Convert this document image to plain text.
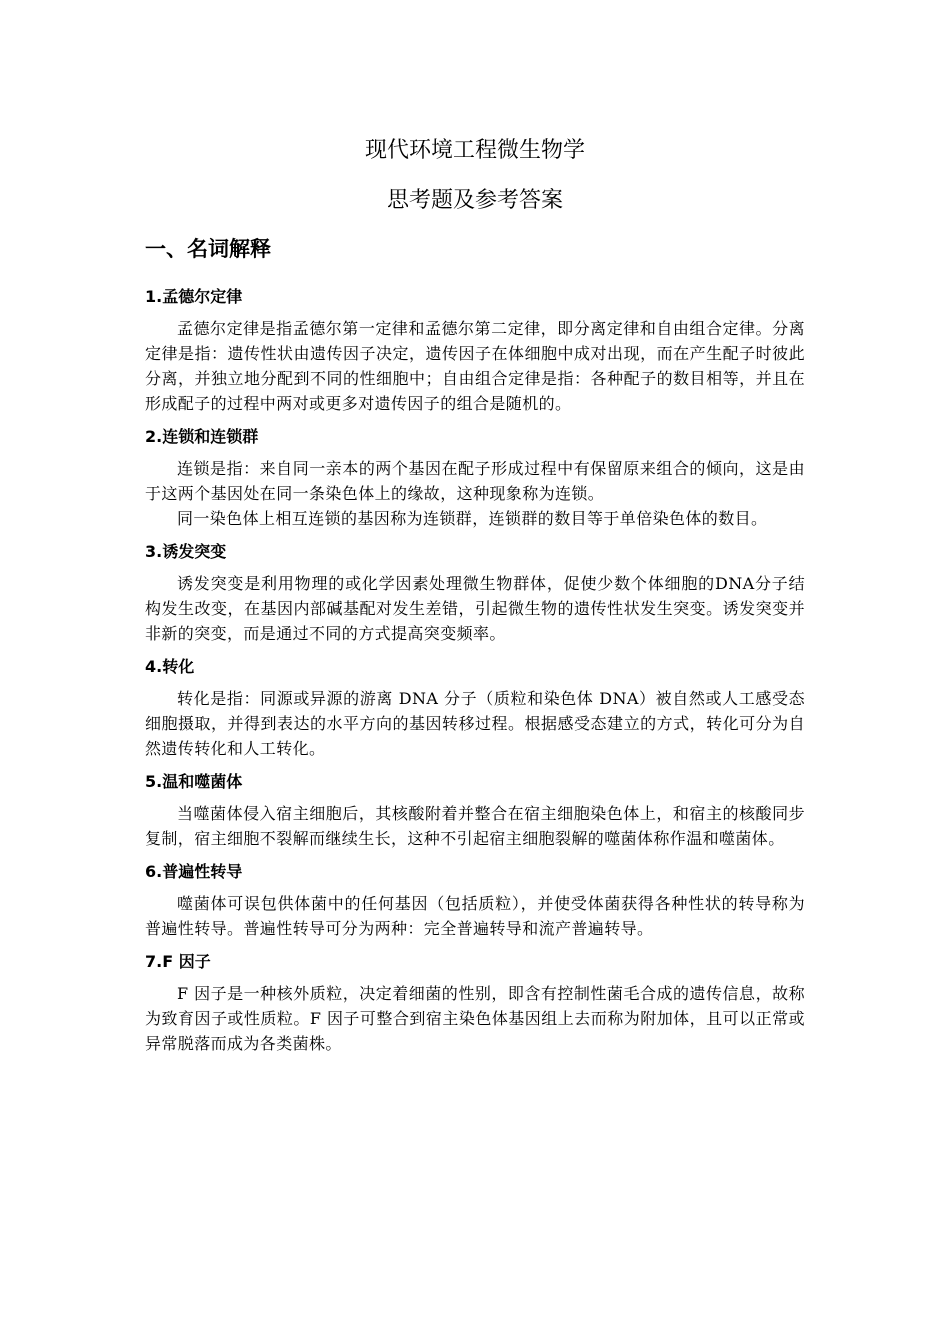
现代环境工程微生物学
思考题及参考答案
一、名词解释
1.孟德尔定律

孟德尔定律是指孟德尔第一定律和孟德尔第二定律，即分离定律和自由组合定律。分离定律是指：遗传性状由遗传因子决定，遗传因子在体细胞中成对出现，而在产生配子时彼此分离，并独立地分配到不同的性细胞中；自由组合定律是指：各种配子的数目相等，并且在形成配子的过程中两对或更多对遗传因子的组合是随机的。

2.连锁和连锁群

连锁是指：来自同一亲本的两个基因在配子形成过程中有保留原来组合的倾向，这是由于这两个基因处在同一条染色体上的缘故，这种现象称为连锁。

同一染色体上相互连锁的基因称为连锁群，连锁群的数目等于单倍染色体的数目。

3.诱发突变

诱发突变是利用物理的或化学因素处理微生物群体，促使少数个体细胞的DNA分子结构发生改变，在基因内部碱基配对发生差错，引起微生物的遗传性状发生突变。诱发突变并非新的突变，而是通过不同的方式提高突变频率。

4.转化

转化是指：同源或异源的游离 DNA 分子（质粒和染色体 DNA）被自然或人工感受态细胞摄取，并得到表达的水平方向的基因转移过程。根据感受态建立的方式，转化可分为自然遗传转化和人工转化。

5.温和噬菌体

当噬菌体侵入宿主细胞后，其核酸附着并整合在宿主细胞染色体上，和宿主的核酸同步复制，宿主细胞不裂解而继续生长，这种不引起宿主细胞裂解的噬菌体称作温和噬菌体。

6.普遍性转导

噬菌体可误包供体菌中的任何基因（包括质粒），并使受体菌获得各种性状的转导称为普遍性转导。普遍性转导可分为两种：完全普遍转导和流产普遍转导。

7.F 因子

F 因子是一种核外质粒，决定着细菌的性别，即含有控制性菌毛合成的遗传信息，故称为致育因子或性质粒。F 因子可整合到宿主染色体基因组上去而称为附加体，且可以正常或异常脱落而成为各类菌株。
